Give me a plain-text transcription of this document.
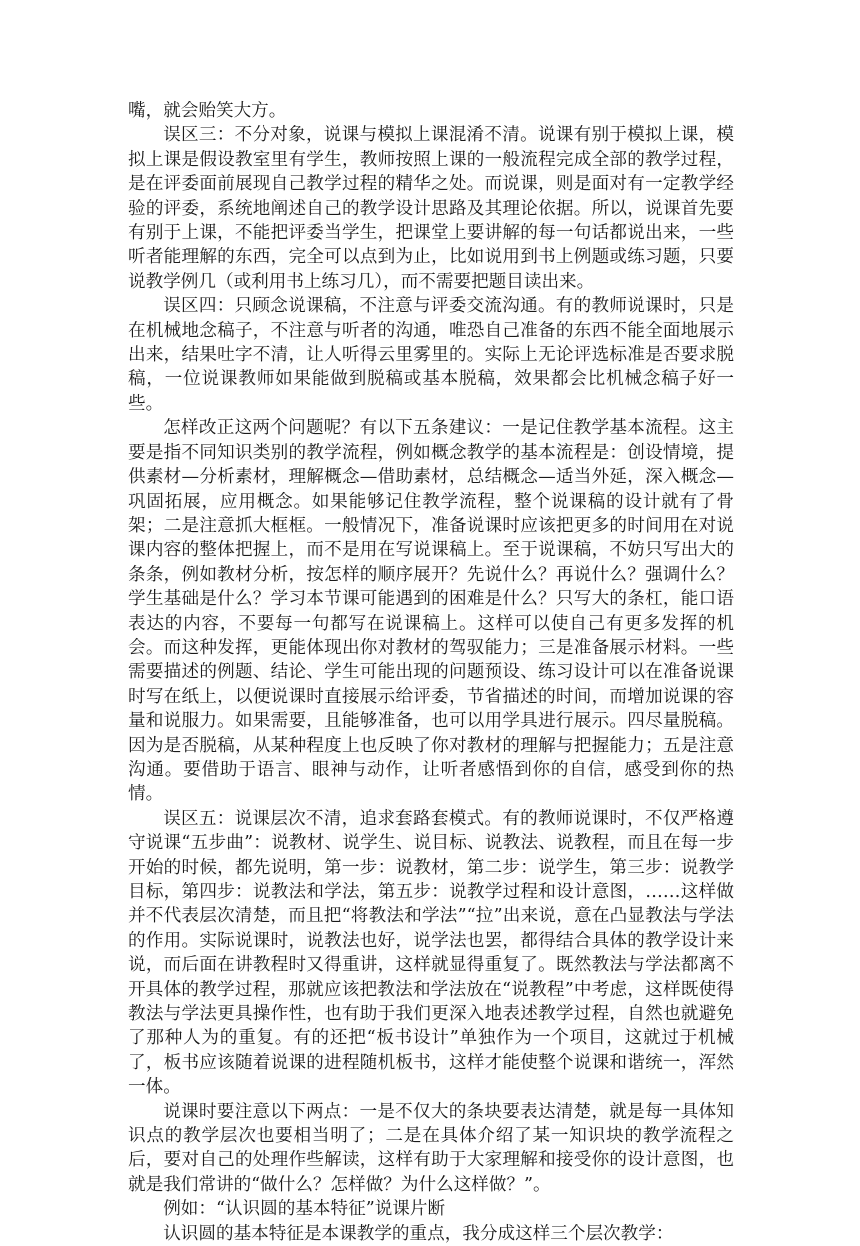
嘴，就会贻笑大方。

误区三：不分对象，说课与模拟上课混淆不清。说课有别于模拟上课，模拟上课是假设教室里有学生，教师按照上课的一般流程完成全部的教学过程，是在评委面前展现自己教学过程的精华之处。而说课，则是面对有一定教学经验的评委，系统地阐述自己的教学设计思路及其理论依据。所以，说课首先要有别于上课，不能把评委当学生，把课堂上要讲解的每一句话都说出来，一些听者能理解的东西，完全可以点到为止，比如说用到书上例题或练习题，只要说教学例几（或利用书上练习几），而不需要把题目读出来。

误区四：只顾念说课稿，不注意与评委交流沟通。有的教师说课时，只是在机械地念稿子，不注意与听者的沟通，唯恐自己准备的东西不能全面地展示出来，结果吐字不清，让人听得云里雾里的。实际上无论评选标准是否要求脱稿，一位说课教师如果能做到脱稿或基本脱稿，效果都会比机械念稿子好一些。

怎样改正这两个问题呢？有以下五条建议：一是记住教学基本流程。这主要是指不同知识类别的教学流程，例如概念教学的基本流程是：创设情境，提供素材—分析素材，理解概念—借助素材，总结概念—适当外延，深入概念—巩固拓展，应用概念。如果能够记住教学流程，整个说课稿的设计就有了骨架；二是注意抓大框框。一般情况下，准备说课时应该把更多的时间用在对说课内容的整体把握上，而不是用在写说课稿上。至于说课稿，不妨只写出大的条条，例如教材分析，按怎样的顺序展开？先说什么？再说什么？强调什么？学生基础是什么？学习本节课可能遇到的困难是什么？只写大的条杠，能口语表达的内容，不要每一句都写在说课稿上。这样可以使自己有更多发挥的机会。而这种发挥，更能体现出你对教材的驾驭能力；三是准备展示材料。一些需要描述的例题、结论、学生可能出现的问题预设、练习设计可以在准备说课时写在纸上，以便说课时直接展示给评委，节省描述的时间，而增加说课的容量和说服力。如果需要，且能够准备，也可以用学具进行展示。四尽量脱稿。因为是否脱稿，从某种程度上也反映了你对教材的理解与把握能力；五是注意沟通。要借助于语言、眼神与动作，让听者感悟到你的自信，感受到你的热情。

误区五：说课层次不清，追求套路套模式。有的教师说课时，不仅严格遵守说课“五步曲”：说教材、说学生、说目标、说教法、说教程，而且在每一步开始的时候，都先说明，第一步：说教材，第二步：说学生，第三步：说教学目标，第四步：说教法和学法，第五步：说教学过程和设计意图，……这样做并不代表层次清楚，而且把“将教法和学法”“拉”出来说，意在凸显教法与学法的作用。实际说课时，说教法也好，说学法也罢，都得结合具体的教学设计来说，而后面在讲教程时又得重讲，这样就显得重复了。既然教法与学法都离不开具体的教学过程，那就应该把教法和学法放在“说教程”中考虑，这样既使得教法与学法更具操作性，也有助于我们更深入地表述教学过程，自然也就避免了那种人为的重复。有的还把“板书设计”单独作为一个项目，这就过于机械了，板书应该随着说课的进程随机板书，这样才能使整个说课和谐统一，浑然一体。

说课时要注意以下两点：一是不仅大的条块要表达清楚，就是每一具体知识点的教学层次也要相当明了；二是在具体介绍了某一知识块的教学流程之后，要对自己的处理作些解读，这样有助于大家理解和接受你的设计意图，也就是我们常讲的“做什么？怎样做？为什么这样做？”。

例如：“认识圆的基本特征”说课片断

认识圆的基本特征是本课教学的重点，我分成这样三个层次教学：
